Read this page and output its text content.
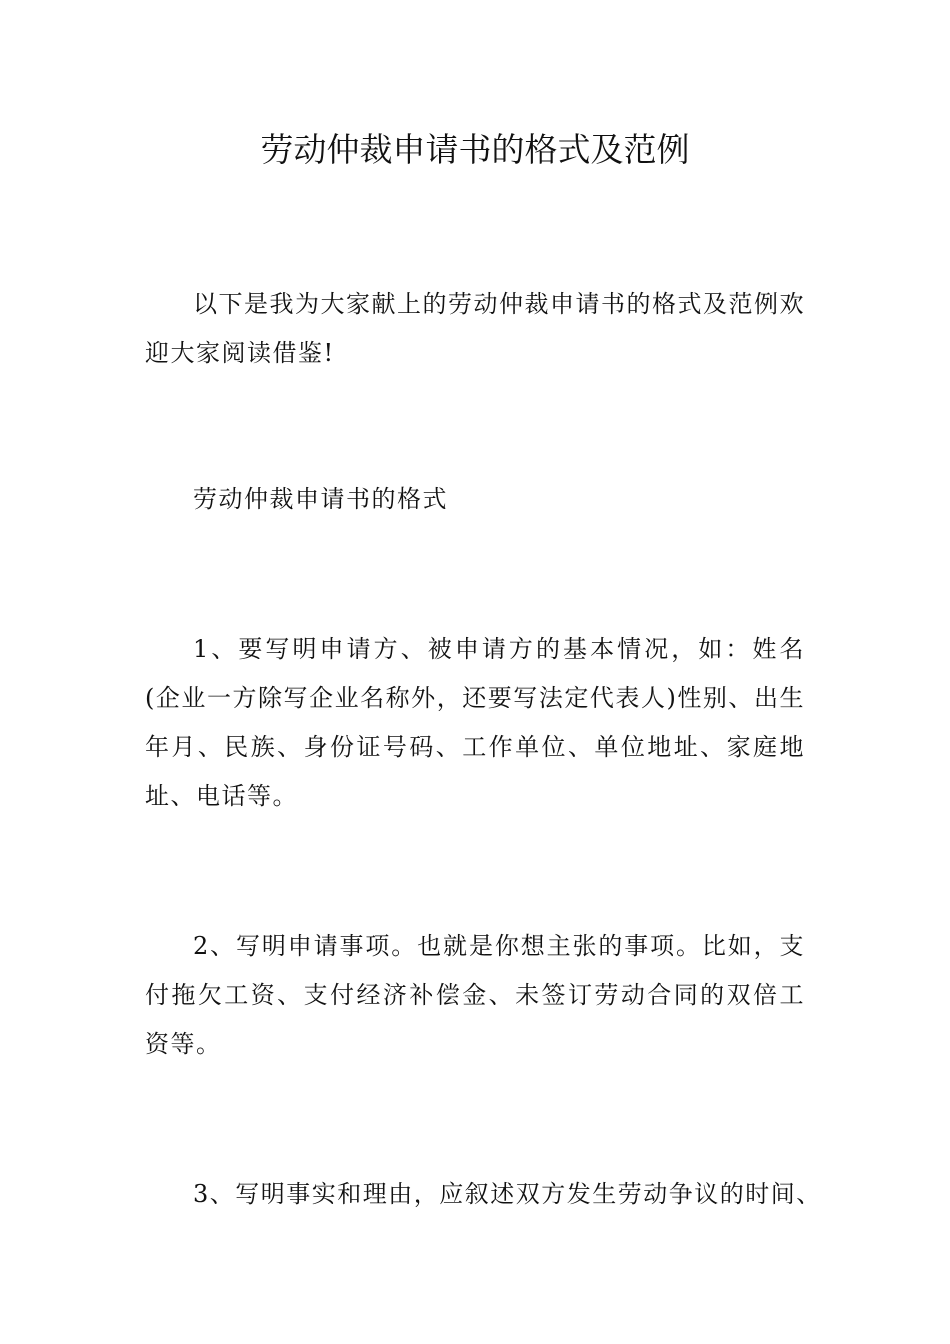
劳动仲裁申请书的格式及范例

以下是我为大家献上的劳动仲裁申请书的格式及范例欢迎大家阅读借鉴!

劳动仲裁申请书的格式

1、要写明申请方、被申请方的基本情况，如：姓名(企业一方除写企业名称外，还要写法定代表人)性别、出生年月、民族、身份证号码、工作单位、单位地址、家庭地址、电话等。

2、写明申请事项。也就是你想主张的事项。比如，支付拖欠工资、支付经济补偿金、未签订劳动合同的双倍工资等。

3、写明事实和理由，应叙述双方发生劳动争议的时间、
